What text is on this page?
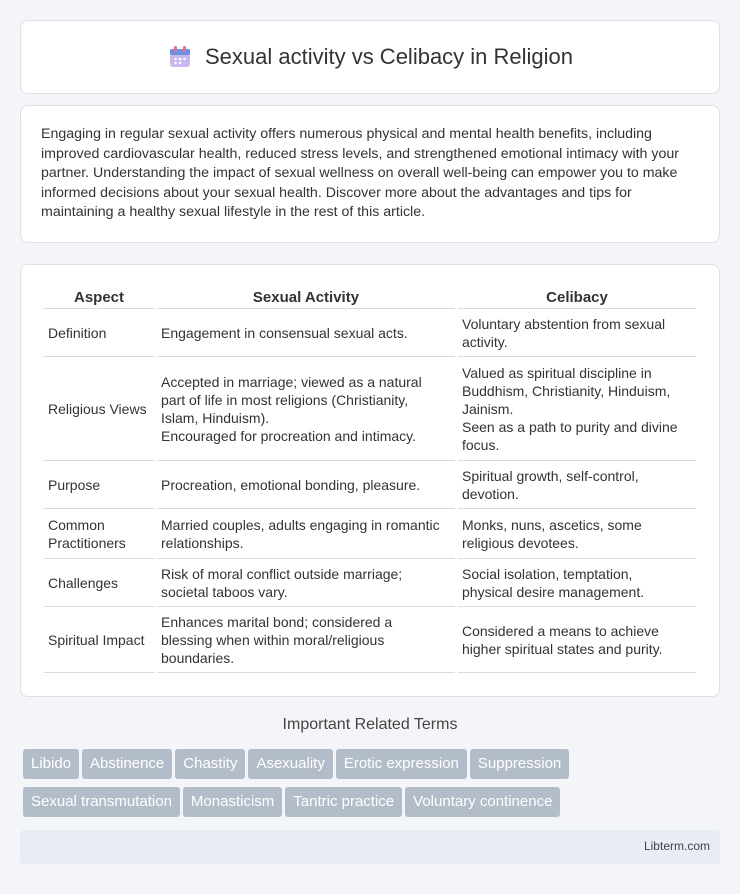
Sexual activity vs Celibacy in Religion

Engaging in regular sexual activity offers numerous physical and mental health benefits, including improved cardiovascular health, reduced stress levels, and strengthened emotional intimacy with your partner. Understanding the impact of sexual wellness on overall well-being can empower you to make informed decisions about your sexual health. Discover more about the advantages and tips for maintaining a healthy sexual lifestyle in the rest of this article.

Aspect	Sexual Activity	Celibacy

Definition	Engagement in consensual sexual acts.	Voluntary abstention from sexual
activity.

Religious Views	Accepted in marriage; viewed as a natural
part of life in most religions (Christianity,
Islam, Hinduism).
Encouraged for procreation and intimacy.	Valued as spiritual discipline in
Buddhism, Christianity, Hinduism,
Jainism.
Seen as a path to purity and divine
focus.

Purpose	Procreation, emotional bonding, pleasure.	Spiritual growth, self-control,
devotion.

Common
Practitioners	Married couples, adults engaging in romantic
relationships.	Monks, nuns, ascetics, some
religious devotees.

Challenges	Risk of moral conflict outside marriage;
societal taboos vary.	Social isolation, temptation,
physical desire management.

Spiritual Impact	Enhances marital bond; considered a
blessing when within moral/religious
boundaries.	Considered a means to achieve
higher spiritual states and purity.
Important Related Terms
Libido Abstinence Chastity Asexuality Erotic expression Suppression
Sexual transmutation Monasticism Tantric practice Voluntary continence
Libterm.com
